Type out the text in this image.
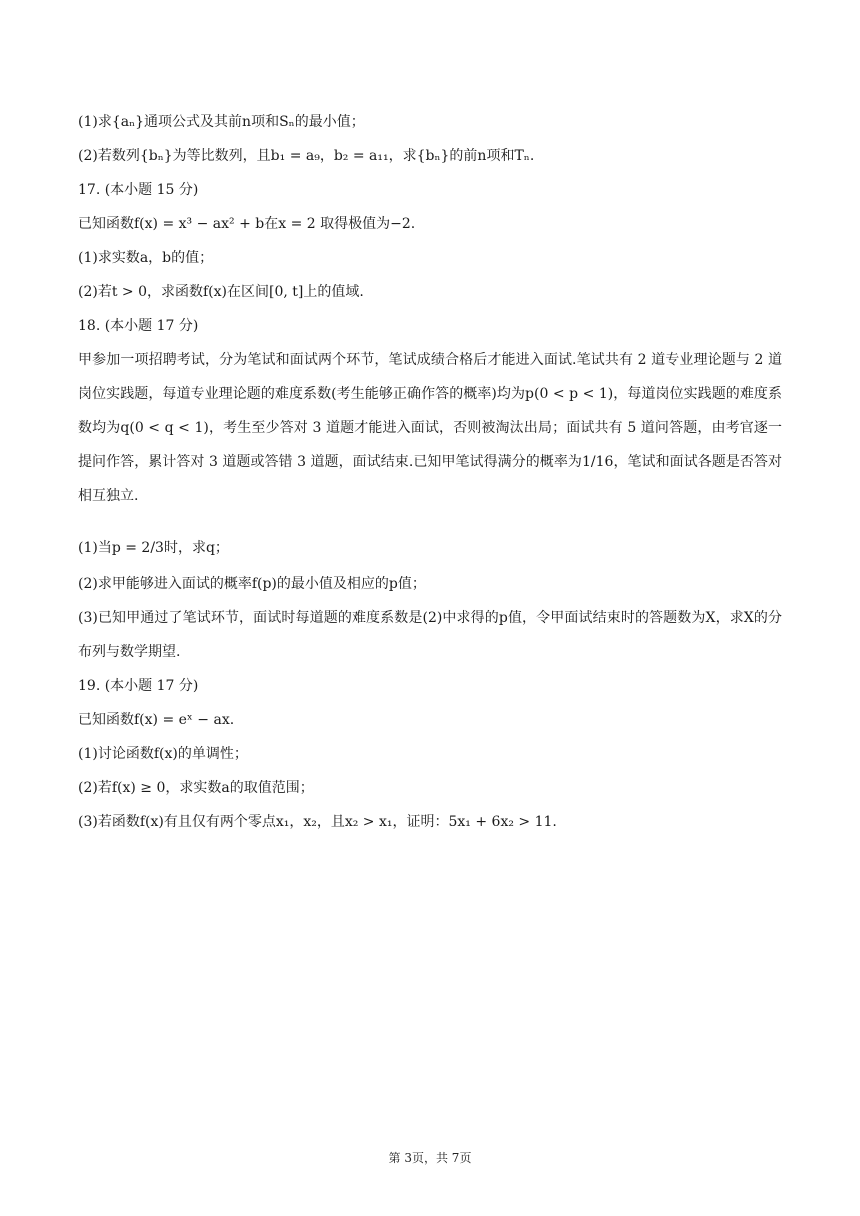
(1)求{aₙ}通项公式及其前n项和Sₙ的最小值；
(2)若数列{bₙ}为等比数列，且b₁ = a₉，b₂ = a₁₁，求{bₙ}的前n项和Tₙ.
17. (本小题 15 分)
已知函数f(x) = x³ − ax² + b在x = 2 取得极值为−2.
(1)求实数a，b的值；
(2)若t > 0，求函数f(x)在区间[0, t]上的值域.
18. (本小题 17 分)
甲参加一项招聘考试，分为笔试和面试两个环节，笔试成绩合格后才能进入面试.笔试共有 2 道专业理论题与 2 道岗位实践题，每道专业理论题的难度系数(考生能够正确作答的概率)均为p(0 < p < 1)，每道岗位实践题的难度系数均为q(0 < q < 1)，考生至少答对 3 道题才能进入面试，否则被淘汰出局；面试共有 5 道问答题，由考官逐一提问作答，累计答对 3 道题或答错 3 道题，面试结束.已知甲笔试得满分的概率为1/16，笔试和面试各题是否答对相互独立.
(1)当p = 2/3时，求q；
(2)求甲能够进入面试的概率f(p)的最小值及相应的p值；
(3)已知甲通过了笔试环节，面试时每道题的难度系数是(2)中求得的p值，令甲面试结束时的答题数为X，求X的分布列与数学期望.
19. (本小题 17 分)
已知函数f(x) = eˣ − ax.
(1)讨论函数f(x)的单调性；
(2)若f(x) ≥ 0，求实数a的取值范围；
(3)若函数f(x)有且仅有两个零点x₁，x₂，且x₂ > x₁，证明：5x₁ + 6x₂ > 11.
第 3页，共 7页
